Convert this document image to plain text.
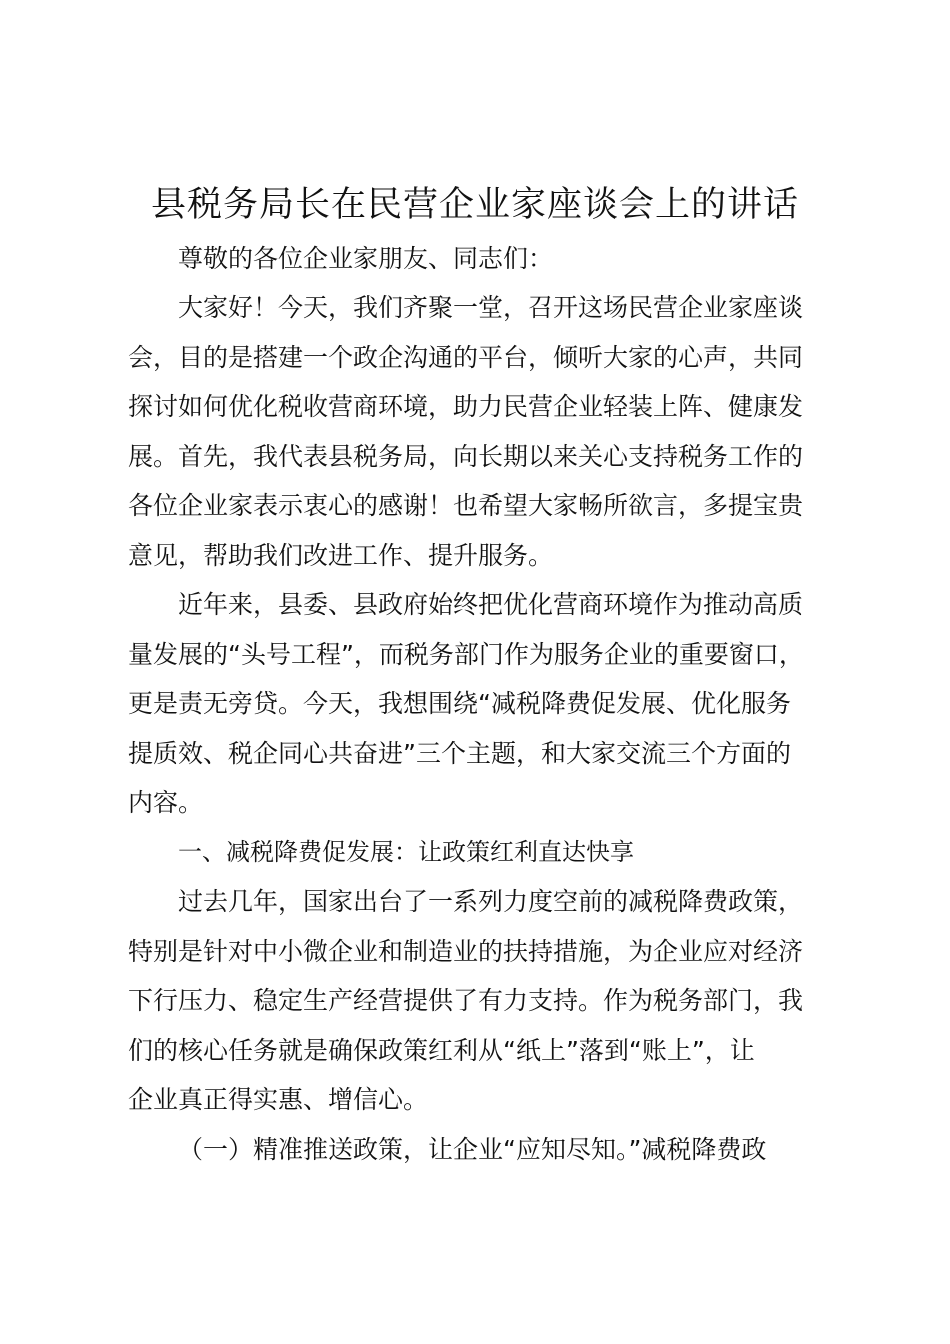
县税务局长在民营企业家座谈会上的讲话
尊敬的各位企业家朋友、同志们：
大家好！今天，我们齐聚一堂，召开这场民营企业家座谈
会，目的是搭建一个政企沟通的平台，倾听大家的心声，共同
探讨如何优化税收营商环境，助力民营企业轻装上阵、健康发
展。首先，我代表县税务局，向长期以来关心支持税务工作的
各位企业家表示衷心的感谢！也希望大家畅所欲言，多提宝贵
意见，帮助我们改进工作、提升服务。
近年来，县委、县政府始终把优化营商环境作为推动高质
量发展的“头号工程”，而税务部门作为服务企业的重要窗口，
更是责无旁贷。今天，我想围绕“减税降费促发展、优化服务
提质效、税企同心共奋进”三个主题，和大家交流三个方面的
内容。
一、减税降费促发展：让政策红利直达快享
过去几年，国家出台了一系列力度空前的减税降费政策，
特别是针对中小微企业和制造业的扶持措施，为企业应对经济
下行压力、稳定生产经营提供了有力支持。作为税务部门，我
们的核心任务就是确保政策红利从“纸上”落到“账上”，让
企业真正得实惠、增信心。
（一）精准推送政策，让企业“应知尽知。”减税降费政
